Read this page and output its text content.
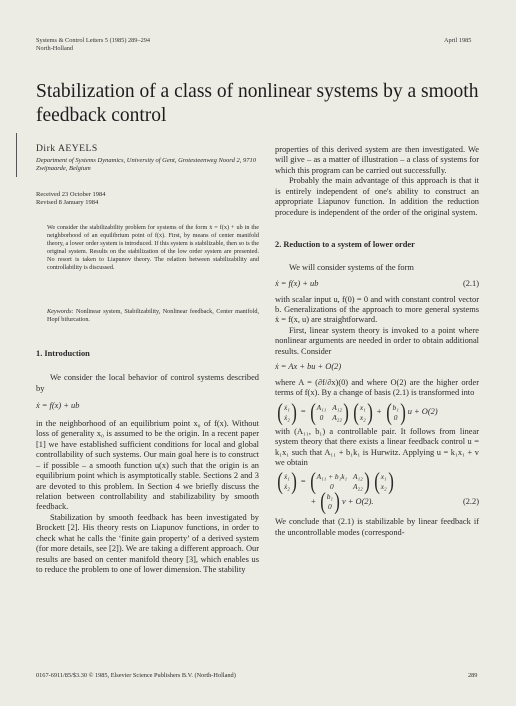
Systems & Control Letters 5 (1985) 289–294
North-Holland
April 1985
Stabilization of a class of nonlinear systems by a smooth feedback control
Dirk AEYELS
Department of Systems Dynamics, University of Gent, Grotesteenweg Noord 2, 9710 Zwijnaarde, Belgium
Received 23 October 1984
Revised 8 January 1984
We consider the stabilizability problem for systems of the form ẋ = f(x) + ub in the neighborhood of an equilibrium point of f(x). First, by means of center manifold theory, a lower order system is introduced. If this system is stabilizable, then so is the original system. Results on the stabilization of the low order system are presented. No resort is taken to Liapunov theory. The relation between stabilizability and controllability is discussed.
Keywords: Nonlinear system, Stabilizability, Nonlinear feedback, Center manifold, Hopf bifurcation.

1. Introduction

We consider the local behavior of control systems described by

ẋ = f(x) + ub

in the neighborhood of an equilibrium point x₀ of f(x). Without loss of generality x₀ is assumed to be the origin. In a recent paper [1] we have established sufficient conditions for local and global controllability of such systems. Our main goal here is to construct – if possible – a smooth function u(x) such that the origin is an equilibrium point which is asymptotically stable. Sections 2 and 3 are devoted to this problem. In Section 4 we briefly discuss the relation between controllability and stabilizability by smooth feedback.

Stabilization by smooth feedback has been investigated by Brockett [2]. His theory rests on Liapunov functions, in order to check what he calls the ‘finite gain property’ of a derived system (for more details, see [2]). We are taking a different approach. Our results are based on center manifold theory [3], which enables us to reduce the problem to one of lower dimension. The stability

properties of this derived system are then investigated. We will give – as a matter of illustration – a class of systems for which this program can be carried out successfully.

Probably the main advantage of this approach is that it is entirely independent of one's ability to construct an appropriate Liapunov function. In addition the reduction procedure is independent of the order of the original system.

2. Reduction to a system of lower order

We will consider systems of the form

ẋ = f(x) + ub	(2.1)

with scalar input u, f(0) = 0 and with constant control vector b. Generalizations of the approach to more general systems ẋ = f(x, u) are straightforward.

First, linear system theory is invoked to a point where nonlinear arguments are needed in order to obtain additional results. Consider

ẋ = Ax + bu + O(2)

where A = (∂f/∂x)(0) and where O(2) are the higher order terms of f(x). By a change of basis (2.1) is transformed into

( ẋ₁
ẋ₂ ) = ( A₁₁ A₁₂
0	A₂₂ ) ( x₁
x₂ ) + ( b₁
0 ) u + O(2)

with (A₁₁, b₁) a controllable pair. It follows from linear system theory that there exists a linear feedback control u = k₁x₁ such that A₁₁ + b₁k₁ is Hurwitz. Applying u = k₁x₁ + v we obtain

( ẋ₁
ẋ₂ ) = ( A₁₁ + b₁k₁ A₁₂
0	A₂₂ ) ( x₁
x₂ )
+ ( b₁
0 ) v + O(2).	(2.2)

We conclude that (2.1) is stabilizable by linear feedback if the uncontrollable modes (correspond-

0167-6911/85/$3.30 © 1985, Elsevier Science Publishers B.V. (North-Holland)	289
